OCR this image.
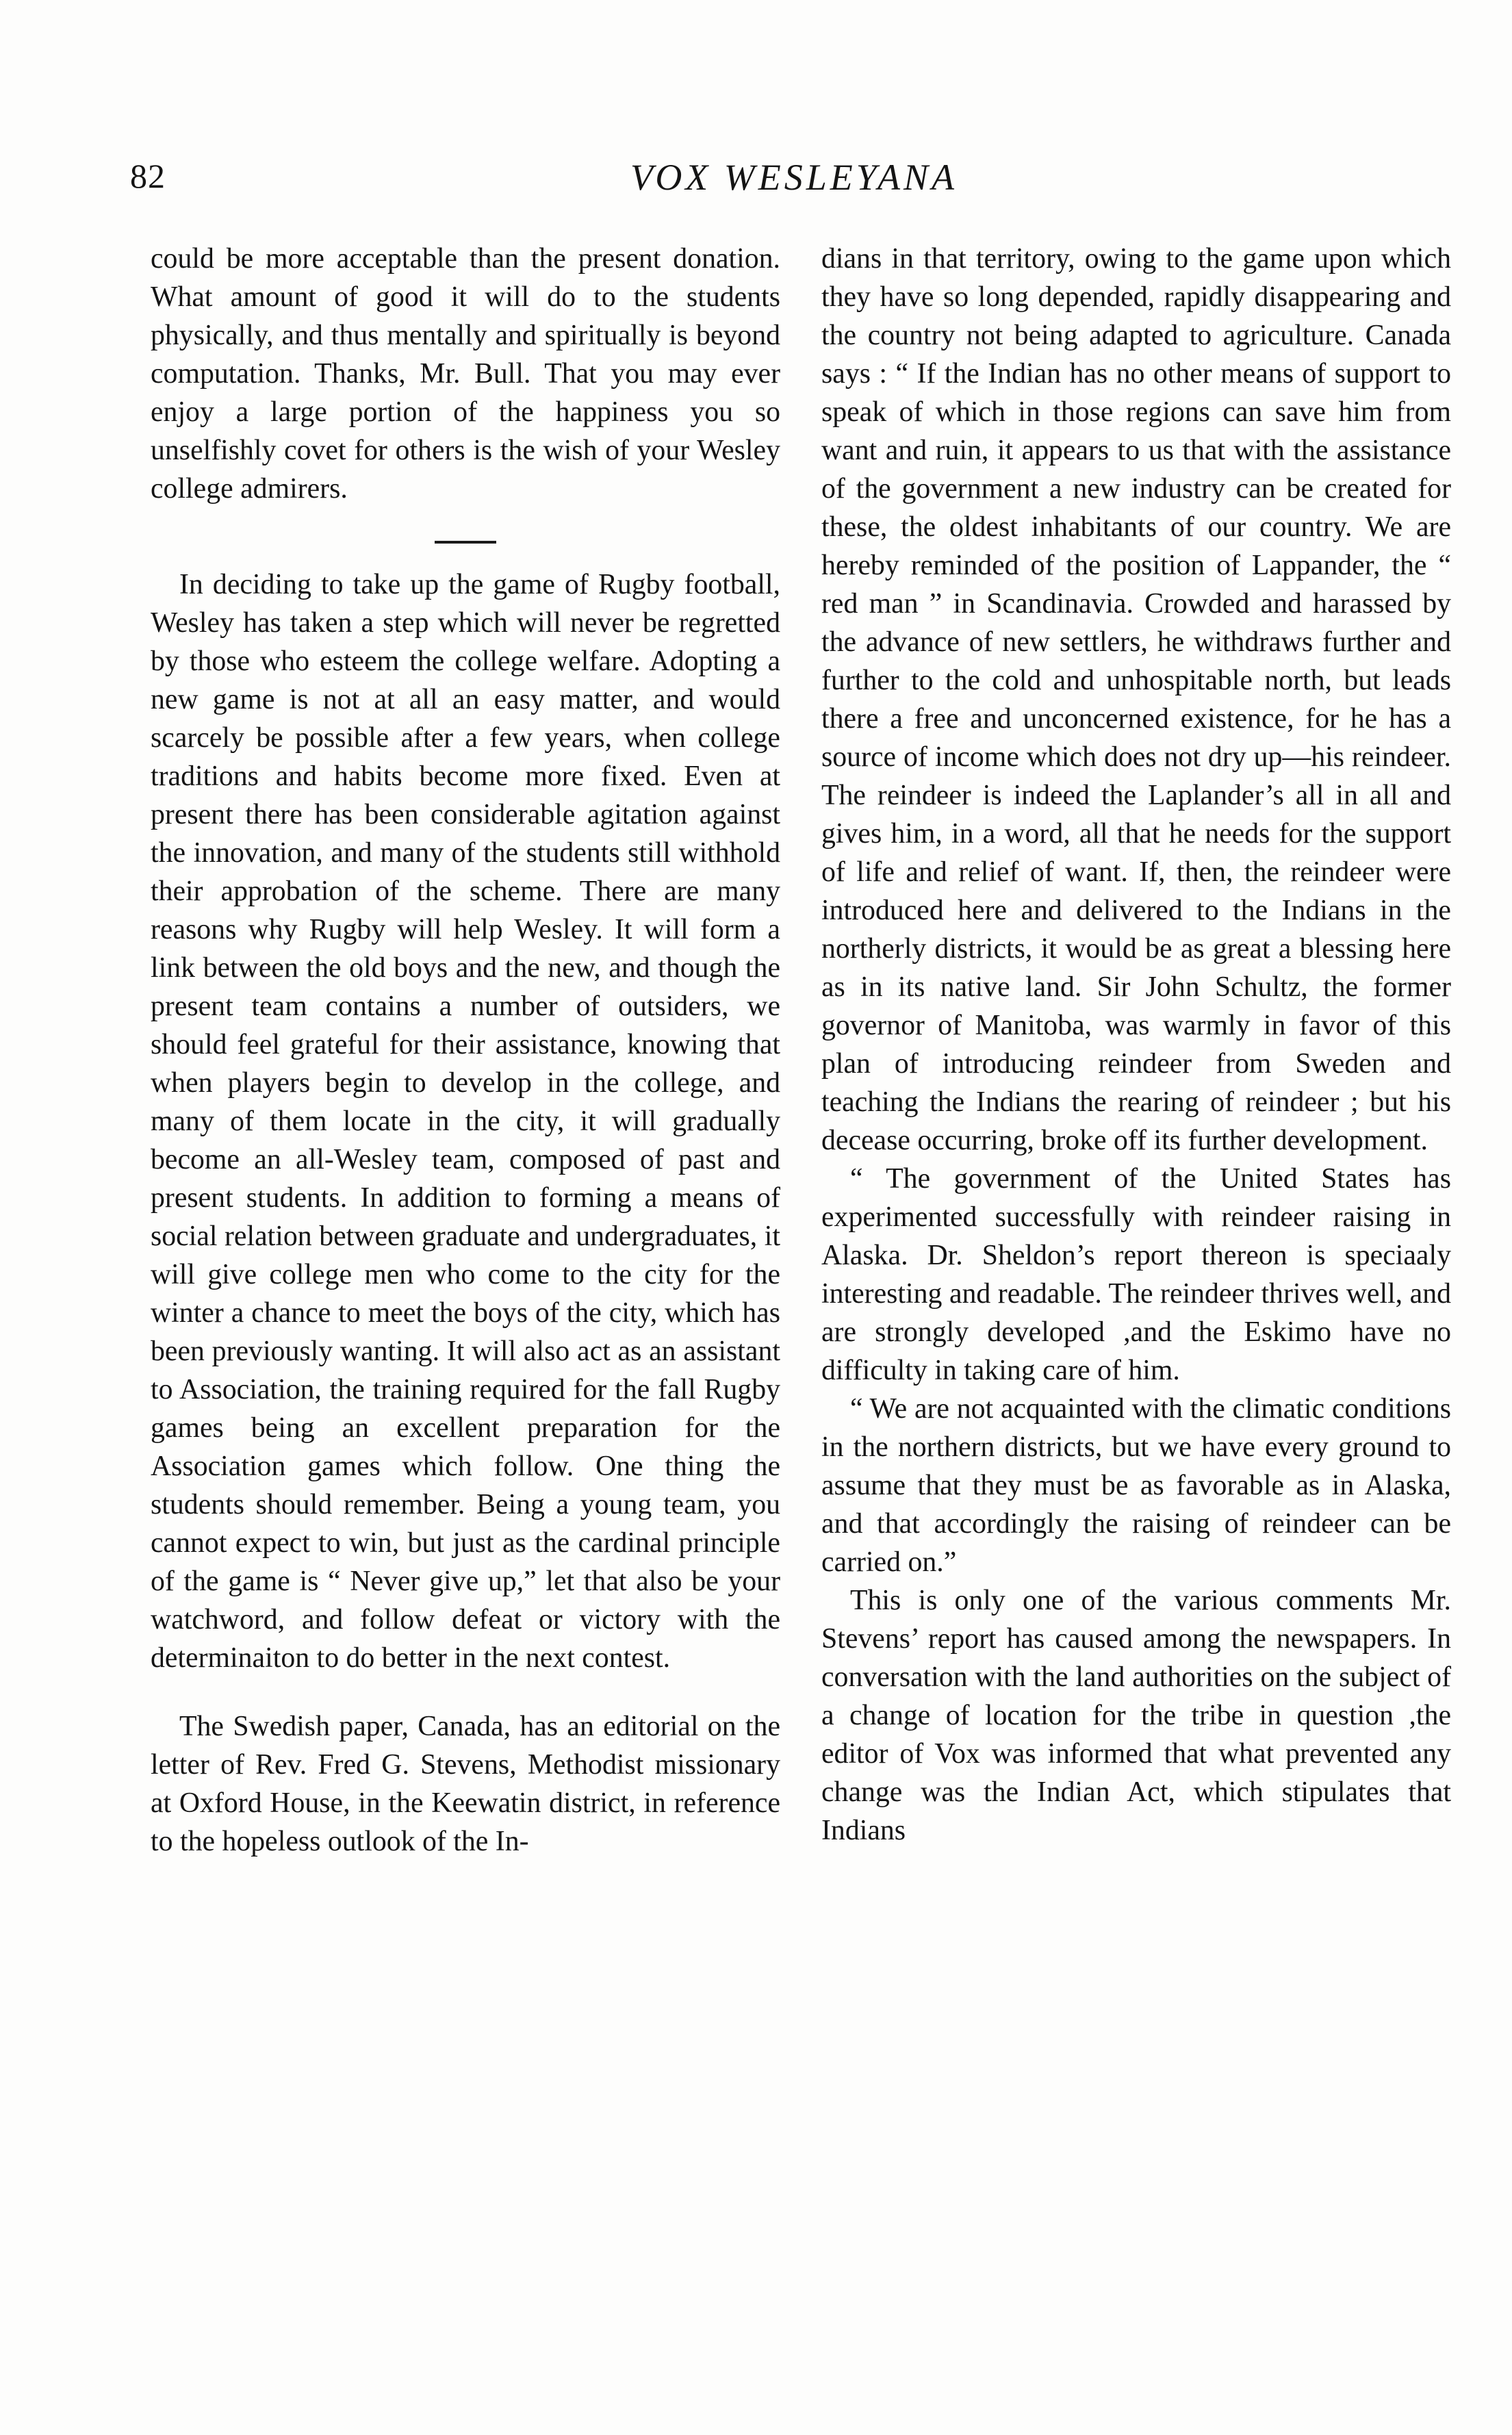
82	VOX WESLEYANA

could be more acceptable than the present donation. What amount of good it will do to the students physically, and thus mentally and spiritually is beyond computation. Thanks, Mr. Bull. That you may ever enjoy a large portion of the happiness you so unselfishly covet for others is the wish of your Wesley college admirers.

In deciding to take up the game of Rugby football, Wesley has taken a step which will never be regretted by those who esteem the college welfare. Adopting a new game is not at all an easy matter, and would scarcely be possible after a few years, when college traditions and habits become more fixed. Even at present there has been considerable agitation against the innovation, and many of the students still withhold their approbation of the scheme. There are many reasons why Rugby will help Wesley. It will form a link between the old boys and the new, and though the present team contains a number of outsiders, we should feel grateful for their assistance, knowing that when players begin to develop in the college, and many of them locate in the city, it will gradually become an all-Wesley team, composed of past and present students. In addition to forming a means of social relation between graduate and undergraduates, it will give college men who come to the city for the winter a chance to meet the boys of the city, which has been previously wanting. It will also act as an assistant to Association, the training required for the fall Rugby games being an excellent preparation for the Association games which follow. One thing the students should remember. Being a young team, you cannot expect to win, but just as the cardinal principle of the game is “ Never give up,” let that also be your watchword, and follow defeat or victory with the determinaiton to do better in the next contest.

The Swedish paper, Canada, has an editorial on the letter of Rev. Fred G. Stevens, Methodist missionary at Oxford House, in the Keewatin district, in reference to the hopeless outlook of the In-

dians in that territory, owing to the game upon which they have so long depended, rapidly disappearing and the country not being adapted to agriculture. Canada says : “ If the Indian has no other means of support to speak of which in those regions can save him from want and ruin, it appears to us that with the assistance of the government a new industry can be created for these, the oldest inhabitants of our country. We are hereby reminded of the position of Lappander, the “ red man ” in Scandinavia. Crowded and harassed by the advance of new settlers, he withdraws further and further to the cold and unhospitable north, but leads there a free and unconcerned existence, for he has a source of income which does not dry up—his reindeer. The reindeer is indeed the Laplander’s all in all and gives him, in a word, all that he needs for the support of life and relief of want. If, then, the reindeer were introduced here and delivered to the Indians in the northerly districts, it would be as great a blessing here as in its native land. Sir John Schultz, the former governor of Manitoba, was warmly in favor of this plan of introducing reindeer from Sweden and teaching the Indians the rearing of reindeer ; but his decease occurring, broke off its further development.

“ The government of the United States has experimented successfully with reindeer raising in Alaska. Dr. Sheldon’s report thereon is speciaaly interesting and readable. The reindeer thrives well, and are strongly developed ,and the Eskimo have no difficulty in taking care of him.

“ We are not acquainted with the climatic conditions in the northern districts, but we have every ground to assume that they must be as favorable as in Alaska, and that accordingly the raising of reindeer can be carried on.”

This is only one of the various comments Mr. Stevens’ report has caused among the newspapers. In conversation with the land authorities on the subject of a change of location for the tribe in question ,the editor of Vox was informed that what prevented any change was the Indian Act, which stipulates that Indians
